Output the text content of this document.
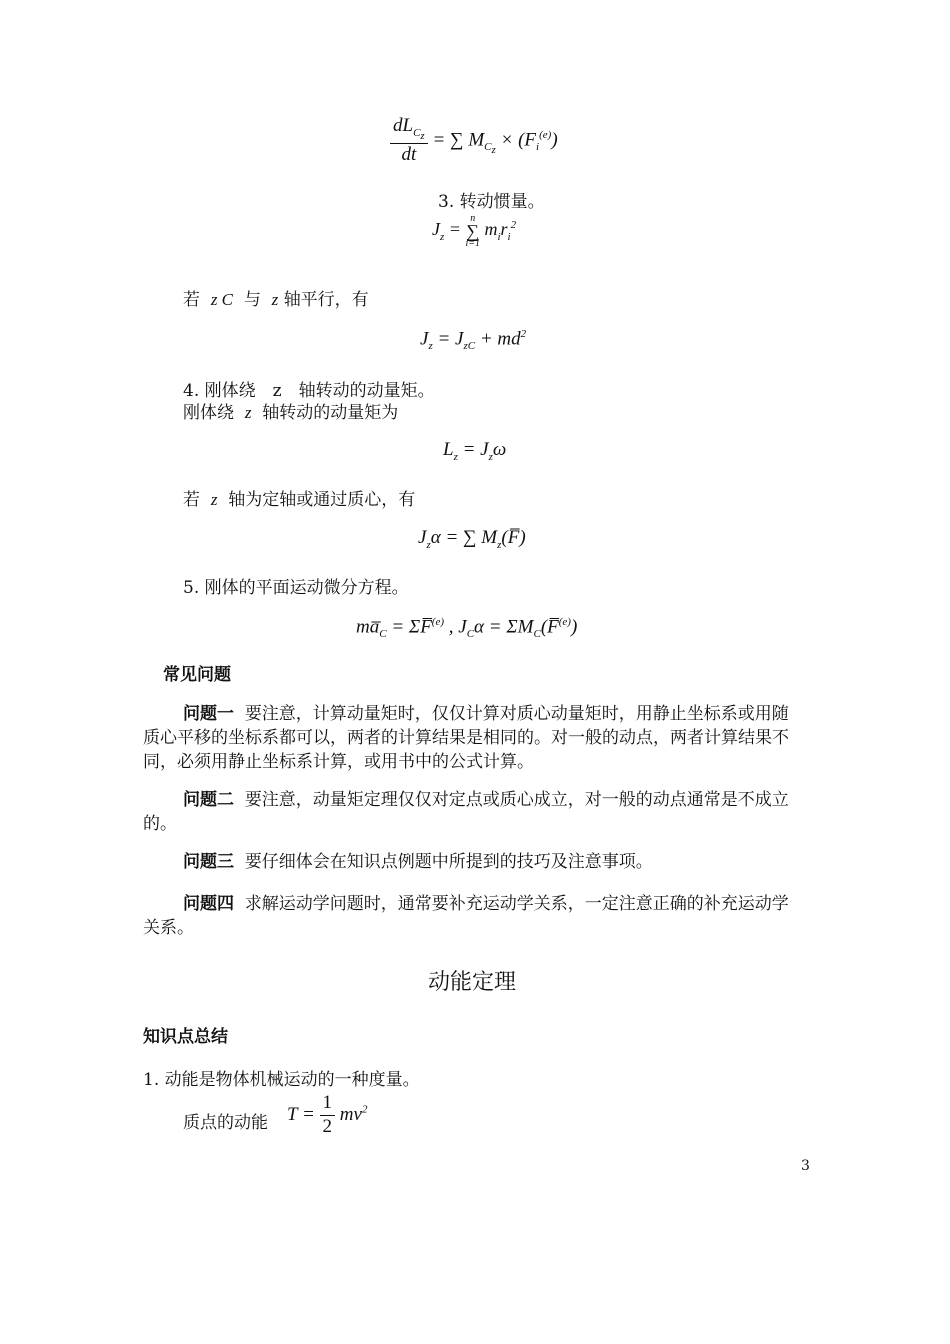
$\frac{dL_{C_z}}{dt}$ = ∑ $M_{C_z} \times (F_i^{(e)})$
3. 转动惯量。
$J_z$ =
n
∑
i=1
$m_ir_i^2$
若 z C 与 z 轴平行，有
$J_z = J_{zC} + md^2$
4. 刚体绕　z　轴转动的动量矩。
刚体绕 z 轴转动的动量矩为
$L_z = J_z\omega$
若 z 轴为定轴或通过质心，有
$J_z\alpha$ = ∑ $M_z(F̅)$
5. 刚体的平面运动微分方程。
$ma̅_C$ = ΣF̅$^{(e)}$ , $J_C\alpha$ = $\Sigma M_C(F̅^{(e)})$
常见问题
问题一 要注意，计算动量矩时，仅仅计算对质心动量矩时，用静止坐标系或用随质心平移的坐标系都可以，两者的计算结果是相同的。对一般的动点，两者计算结果不同，必须用静止坐标系计算，或用书中的公式计算。
问题二 要注意，动量矩定理仅仅对定点或质心成立，对一般的动点通常是不成立的。
问题三 要仔细体会在知识点例题中所提到的技巧及注意事项。
问题四 求解运动学问题时，通常要补充运动学关系，一定注意正确的补充运动学关系。
动能定理
知识点总结
1. 动能是物体机械运动的一种度量。
质点的动能 $T = \frac{1}{2} mv^2$
3
